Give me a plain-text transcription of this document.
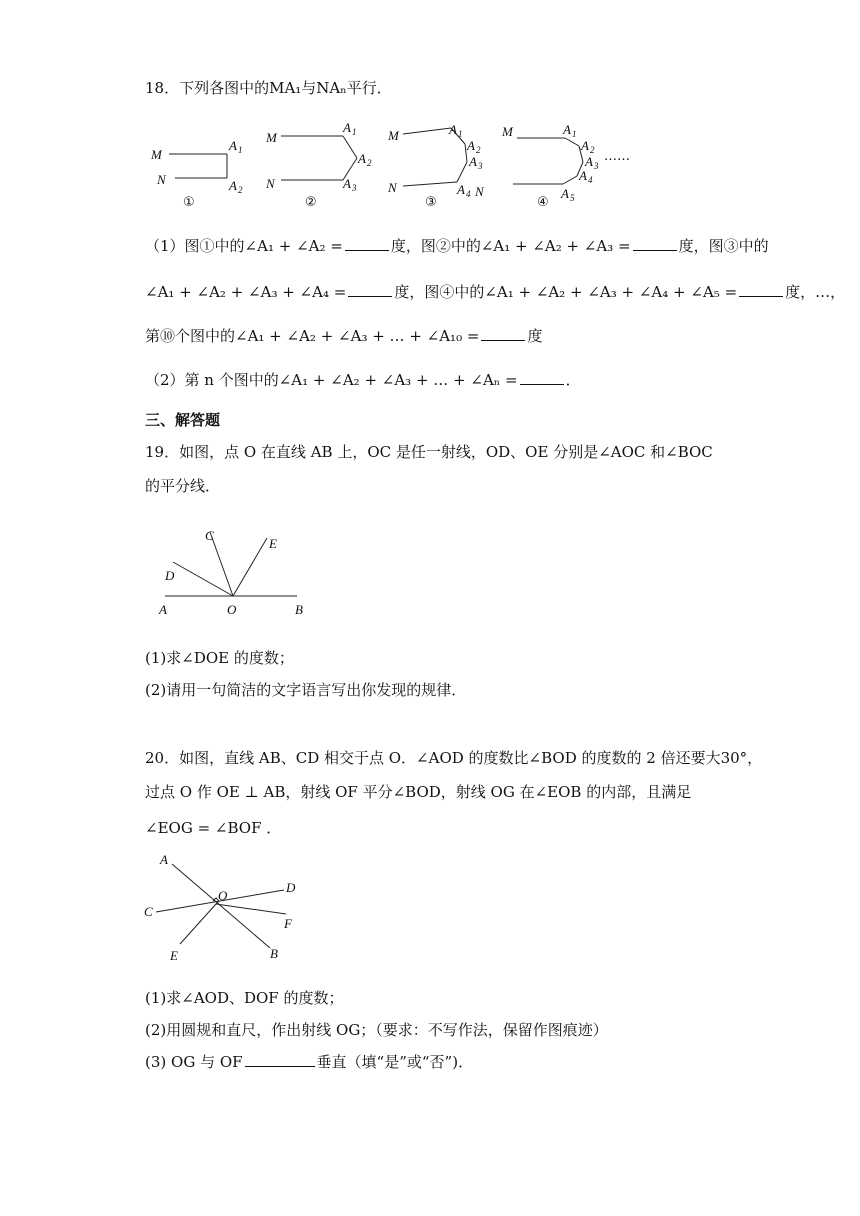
18．下列各图中的MA₁与NAₙ平行．
M
N
A 1
A 2
①
M
N
A 1
A 2
A 3
②
M
N
A 1
A 2
A 3
A 4 N
③
M	A 1
A 2
A 3
A 4
A 5
……
④
（1）图①中的∠A₁ + ∠A₂ =	度，图②中的∠A₁ + ∠A₂ + ∠A₃ =	度，图③中的
∠A₁ + ∠A₂ + ∠A₃ + ∠A₄ =	度，图④中的∠A₁ + ∠A₂ + ∠A₃ + ∠A₄ + ∠A₅ =	度，…，
第⑩个图中的∠A₁ + ∠A₂ + ∠A₃ + … + ∠A₁₀ =	度
（2）第 n 个图中的∠A₁ + ∠A₂ + ∠A₃ + … + ∠Aₙ =	．
三、解答题
19．如图，点 O 在直线 AB 上，OC 是任一射线，OD、OE 分别是∠AOC 和∠BOC
的平分线．
A	O	B
C
D
E
(1)求∠DOE 的度数；
(2)请用一句简洁的文字语言写出你发现的规律．
20．如图，直线 AB、CD 相交于点 O．∠AOD 的度数比∠BOD 的度数的 2 倍还要大30°，
过点 O 作 OE ⊥ AB，射线 OF 平分∠BOD，射线 OG 在∠EOB 的内部，且满足
∠EOG = ∠BOF ．
A
O
D
C
F
B
E
(1)求∠AOD、DOF 的度数；
(2)用圆规和直尺，作出射线 OG；（要求：不写作法，保留作图痕迹）
(3) OG 与 OF	垂直（填“是”或“否”)．
